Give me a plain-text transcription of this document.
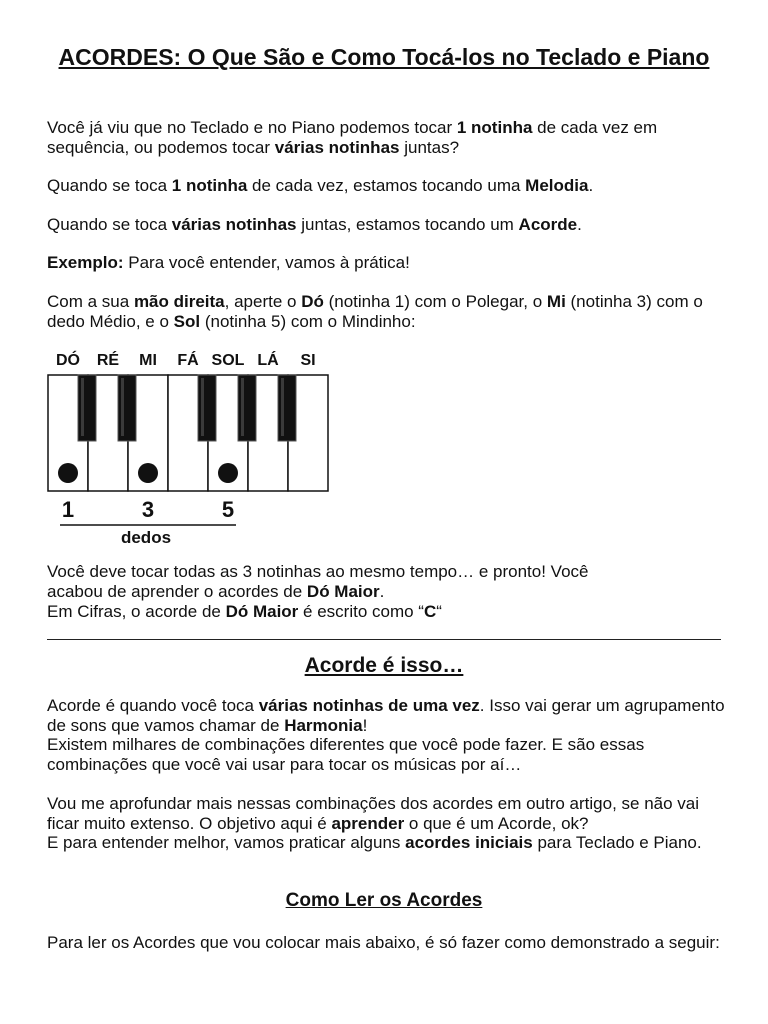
ACORDES: O Que São e Como Tocá-los no Teclado e Piano

Você já viu que no Teclado e no Piano podemos tocar 1 notinha de cada vez em sequência, ou podemos tocar várias notinhas juntas?

Quando se toca 1 notinha de cada vez, estamos tocando uma Melodia.

Quando se toca várias notinhas juntas, estamos tocando um Acorde.

Exemplo: Para você entender, vamos à prática!

Com a sua mão direita, aperte o Dó (notinha 1) com o Polegar, o Mi (notinha 3) com o dedo Médio, e o Sol (notinha 5) com o Mindinho:

DÓ RÉ MI FÁ SOL LÁ SI
1	3	5
dedos

Você deve tocar todas as 3 notinhas ao mesmo tempo… e pronto! Você

acabou de aprender o acordes de Dó Maior.

Em Cifras, o acorde de Dó Maior é escrito como “C“

Acorde é isso…

Acorde é quando você toca várias notinhas de uma vez. Isso vai gerar um agrupamento de sons que vamos chamar de Harmonia!

Existem milhares de combinações diferentes que você pode fazer. E são essas combinações que você vai usar para tocar os músicas por aí…

Vou me aprofundar mais nessas combinações dos acordes em outro artigo, se não vai ficar muito extenso. O objetivo aqui é aprender o que é um Acorde, ok?

E para entender melhor, vamos praticar alguns acordes iniciais para Teclado e Piano.

Como Ler os Acordes

Para ler os Acordes que vou colocar mais abaixo, é só fazer como demonstrado a seguir:
